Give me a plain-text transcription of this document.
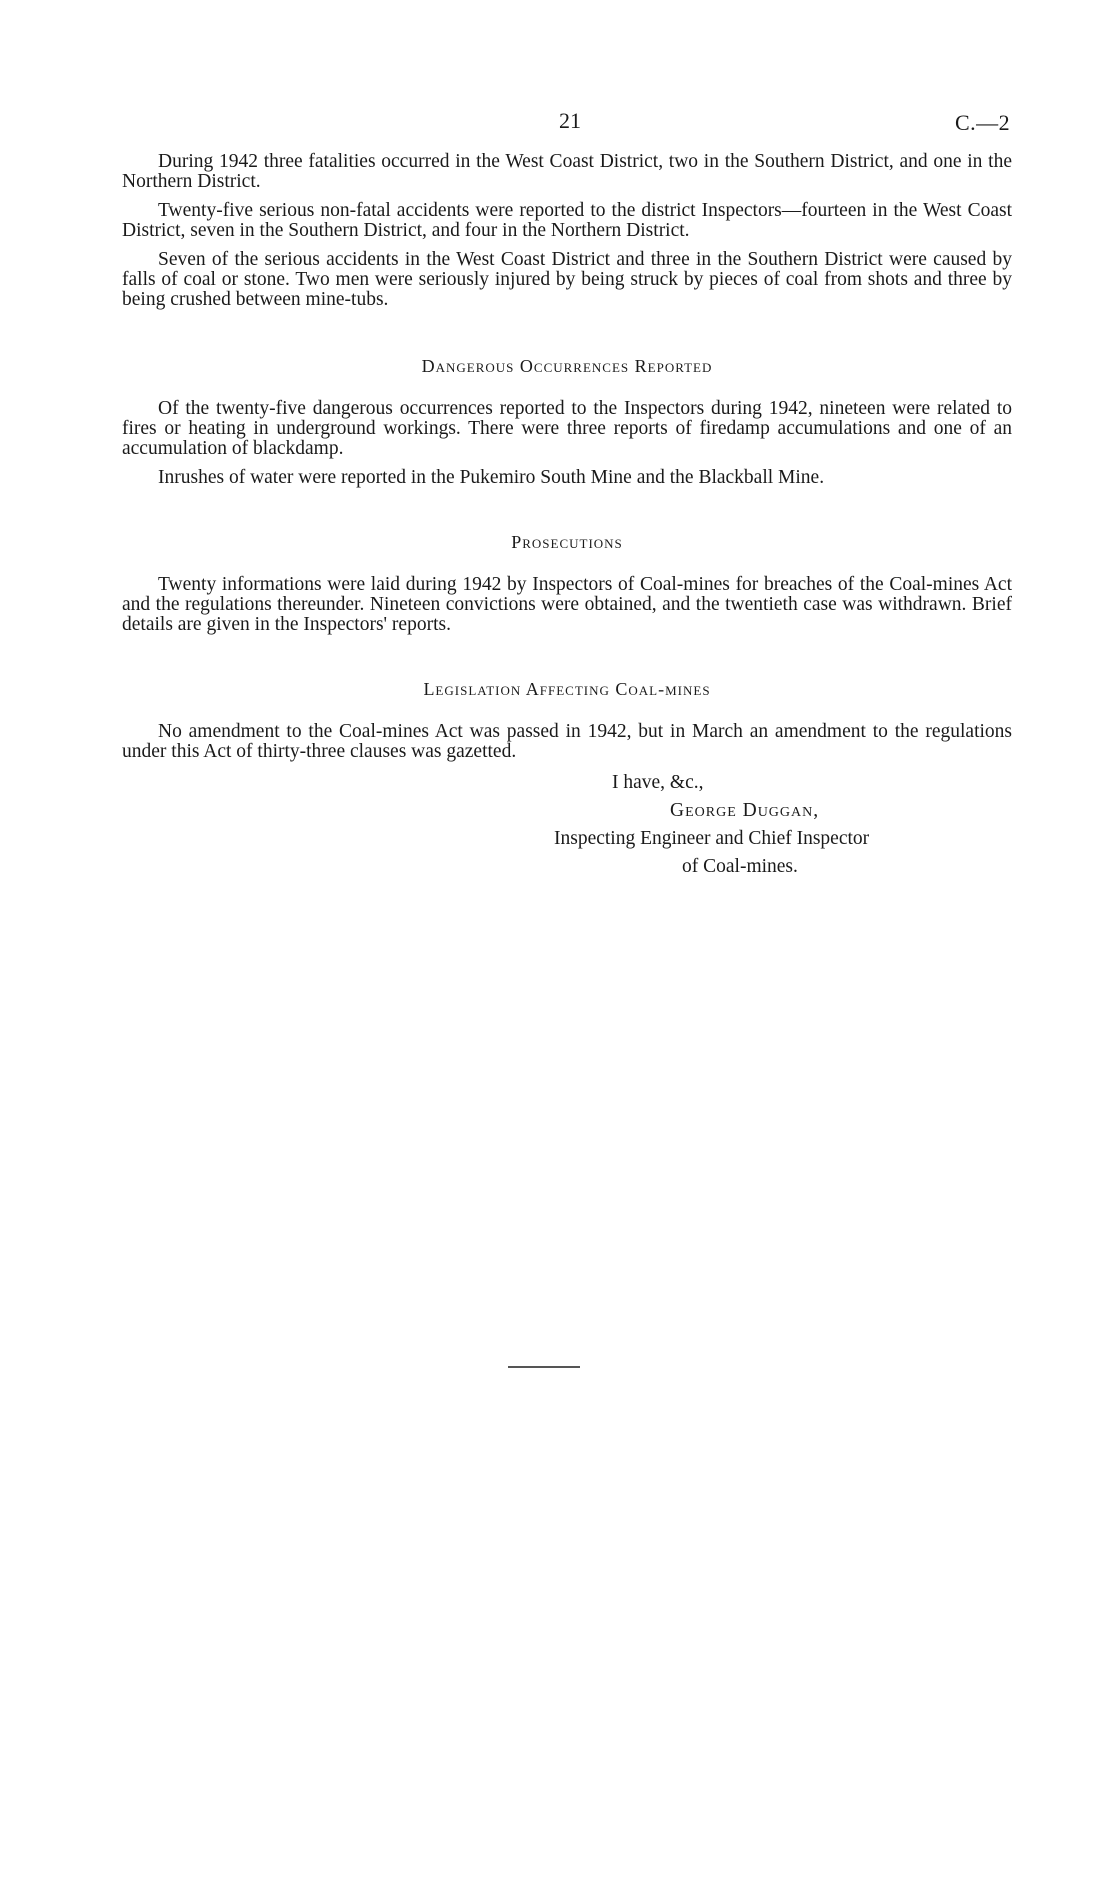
21	C.—2

During 1942 three fatalities occurred in the West Coast District, two in the Southern District, and one in the Northern District.

Twenty-five serious non-fatal accidents were reported to the district Inspectors—fourteen in the West Coast District, seven in the Southern District, and four in the Northern District.

Seven of the serious accidents in the West Coast District and three in the Southern District were caused by falls of coal or stone. Two men were seriously injured by being struck by pieces of coal from shots and three by being crushed between mine-tubs.

Dangerous Occurrences Reported

Of the twenty-five dangerous occurrences reported to the Inspectors during 1942, nineteen were related to fires or heating in underground workings. There were three reports of firedamp accumulations and one of an accumulation of blackdamp.

Inrushes of water were reported in the Pukemiro South Mine and the Blackball Mine.

Prosecutions

Twenty informations were laid during 1942 by Inspectors of Coal-mines for breaches of the Coal-mines Act and the regulations thereunder. Nineteen convictions were obtained, and the twentieth case was withdrawn. Brief details are given in the Inspectors' reports.

Legislation Affecting Coal-mines

No amendment to the Coal-mines Act was passed in 1942, but in March an amendment to the regulations under this Act of thirty-three clauses was gazetted.

I have, &c.,
George Duggan,
Inspecting Engineer and Chief Inspector
of Coal-mines.
